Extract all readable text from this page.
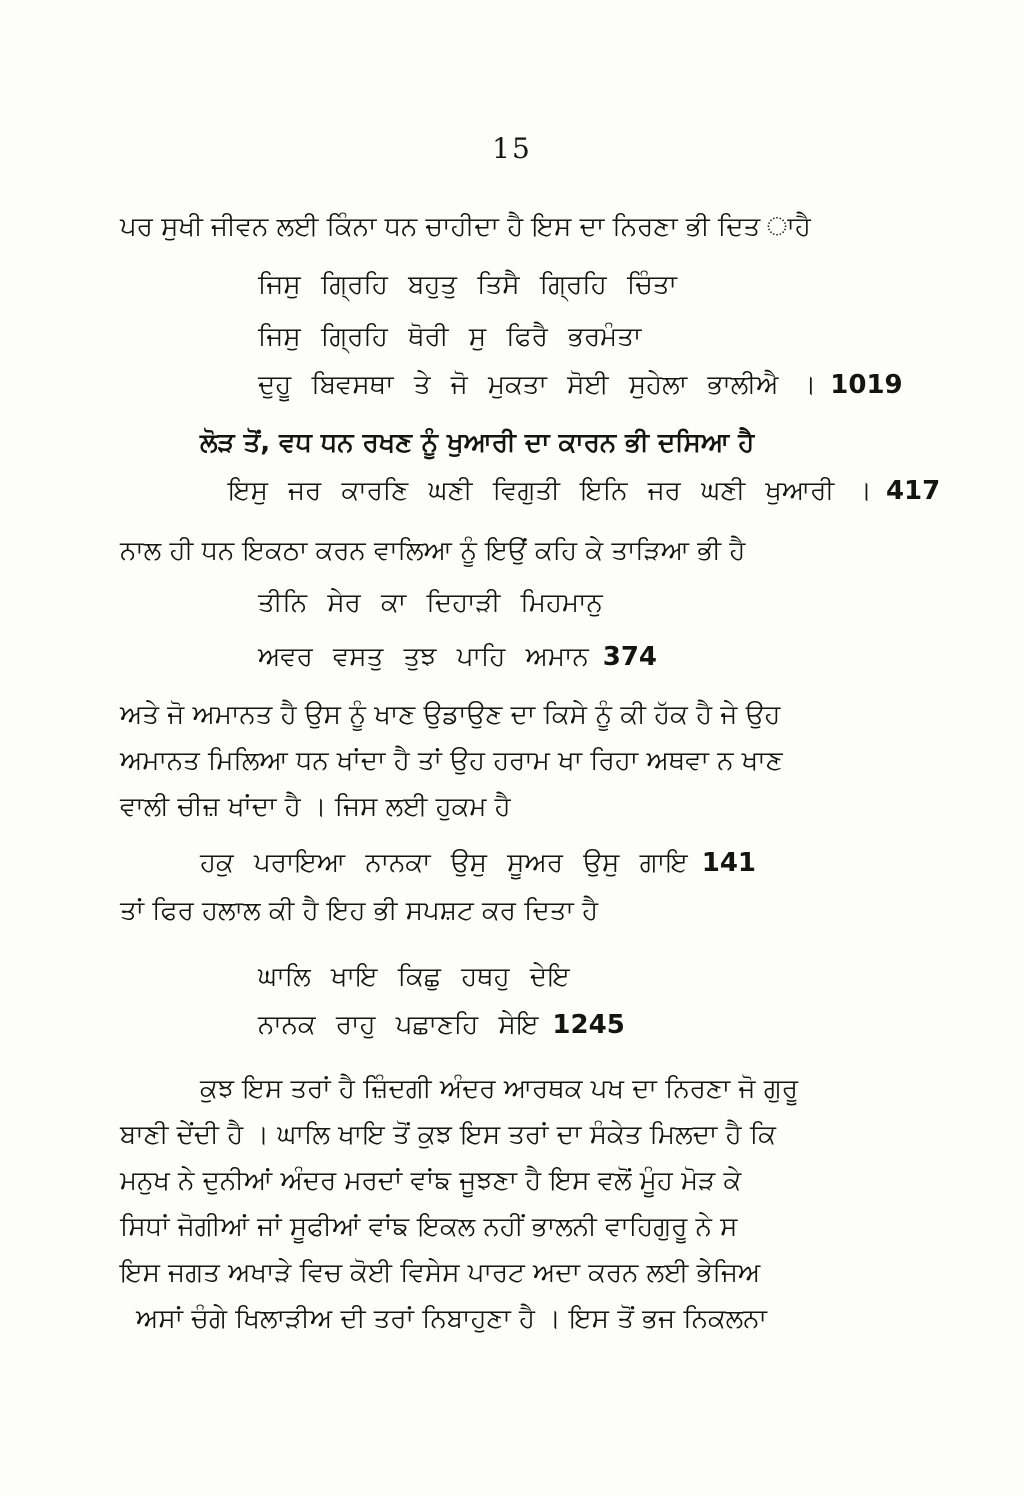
15
ਪਰ ਸੁਖੀ ਜੀਵਨ ਲਈ ਕਿੰਨਾ ਧਨ ਚਾਹੀਦਾ ਹੈ ਇਸ ਦਾ ਨਿਰਣਾ ਭੀ ਦਿਤ ਾਹੈ
ਜਿਸੁ ਗ੍ਰਿਹਿ ਬਹੁਤੁ ਤਿਸੈ ਗ੍ਰਿਹਿ ਚਿੰਤਾ
ਜਿਸੁ ਗ੍ਰਿਹਿ ਥੋਰੀ ਸੁ ਫਿਰੈ ਭਰਮੰਤਾ
ਦੁਹੂ ਬਿਵਸਥਾ ਤੇ ਜੋ ਮੁਕਤਾ ਸੋਈ ਸੁਹੇਲਾ ਭਾਲੀਐ । 1019
ਲੋੜ ਤੋਂ, ਵਧ ਧਨ ਰਖਣ ਨੂੰ ਖੁਆਰੀ ਦਾ ਕਾਰਨ ਭੀ ਦਸਿਆ ਹੈ
ਇਸੁ ਜਰ ਕਾਰਣਿ ਘਣੀ ਵਿਗੁਤੀ ਇਨਿ ਜਰ ਘਣੀ ਖੁਆਰੀ । 417
ਨਾਲ ਹੀ ਧਨ ਇਕਠਾ ਕਰਨ ਵਾਲਿਆ ਨੂੰ ਇਉਂ ਕਹਿ ਕੇ ਤਾੜਿਆ ਭੀ ਹੈ
ਤੀਨਿ ਸੇਰ ਕਾ ਦਿਹਾੜੀ ਮਿਹਮਾਨੁ
ਅਵਰ ਵਸਤੁ ਤੁਝ ਪਾਹਿ ਅਮਾਨ 374
ਅਤੇ ਜੋ ਅਮਾਨਤ ਹੈ ਉਸ ਨੂੰ ਖਾਣ ਉਡਾਉਣ ਦਾ ਕਿਸੇ ਨੂੰ ਕੀ ਹੱਕ ਹੈ ਜੇ ਉਹ
ਅਮਾਨਤ ਮਿਲਿਆ ਧਨ ਖਾਂਦਾ ਹੈ ਤਾਂ ਉਹ ਹਰਾਮ ਖਾ ਰਿਹਾ ਅਥਵਾ ਨ ਖਾਣ
ਵਾਲੀ ਚੀਜ਼ ਖਾਂਦਾ ਹੈ । ਜਿਸ ਲਈ ਹੁਕਮ ਹੈ
ਹਕੁ ਪਰਾਇਆ ਨਾਨਕਾ ਉਸੁ ਸੂਅਰ ਉਸੁ ਗਾਇ 141
ਤਾਂ ਫਿਰ ਹਲਾਲ ਕੀ ਹੈ ਇਹ ਭੀ ਸਪਸ਼ਟ ਕਰ ਦਿਤਾ ਹੈ
ਘਾਲਿ ਖਾਇ ਕਿਛੁ ਹਥਹੁ ਦੇਇ
ਨਾਨਕ ਰਾਹੁ ਪਛਾਣਹਿ ਸੇਇ 1245
ਕੁਝ ਇਸ ਤਰਾਂ ਹੈ ਜ਼ਿੰਦਗੀ ਅੰਦਰ ਆਰਥਕ ਪਖ ਦਾ ਨਿਰਣਾ ਜੋ ਗੁਰੂ
ਬਾਣੀ ਦੇਂਦੀ ਹੈ । ਘਾਲਿ ਖਾਇ ਤੋਂ ਕੁਝ ਇਸ ਤਰਾਂ ਦਾ ਸੰਕੇਤ ਮਿਲਦਾ ਹੈ ਕਿ
ਮਨੁਖ ਨੇ ਦੁਨੀਆਂ ਅੰਦਰ ਮਰਦਾਂ ਵਾਂਙ ਜੂਝਣਾ ਹੈ ਇਸ ਵਲੋਂ ਮੂੰਹ ਮੋੜ ਕੇ
ਸਿਧਾਂ ਜੋਗੀਆਂ ਜਾਂ ਸੂਫੀਆਂ ਵਾਂਙ ਇਕਲ ਨਹੀਂ ਭਾਲਨੀ ਵਾਹਿਗੁਰੂ ਨੇ ਸ
ਇਸ ਜਗਤ ਅਖਾੜੇ ਵਿਚ ਕੋਈ ਵਿਸੇਸ ਪਾਰਟ ਅਦਾ ਕਰਨ ਲਈ ਭੇਜਿਅ
ਅਸਾਂ ਚੰਗੇ ਖਿਲਾੜੀਅ ਦੀ ਤਰਾਂ ਨਿਬਾਹੁਣਾ ਹੈ । ਇਸ ਤੋਂ ਭਜ ਨਿਕਲਨਾ
